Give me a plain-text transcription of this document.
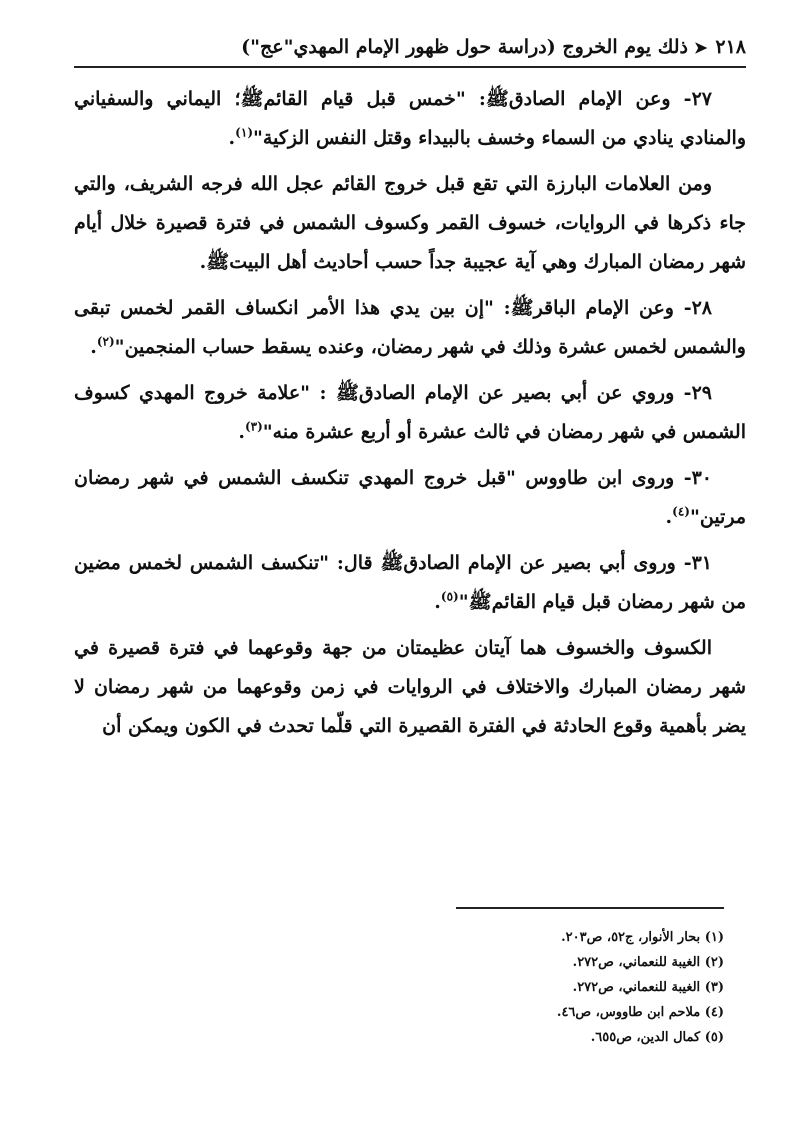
٢١٨
➤
ذلك يوم الخروج

(دراسة حول ظهور الإمام المهدي"عج")

٢٧- وعن الإمام الصادقﷺ: "خمس قبل قيام القائمﷺ؛ اليماني والسفياني والمنادي ينادي من السماء وخسف بالبيداء وقتل النفس الزكية"$^{(١)}$.

ومن العلامات البارزة التي تقع قبل خروج القائم عجل الله فرجه الشريف، والتي جاء ذكرها في الروايات، خسوف القمر وكسوف الشمس في فترة قصيرة خلال أيام شهر رمضان المبارك وهي آية عجيبة جداً حسب أحاديث أهل البيتﷺ.

٢٨- وعن الإمام الباقرﷺ: "إن بين يدي هذا الأمر انكساف القمر لخمس تبقى والشمس لخمس عشرة وذلك في شهر رمضان، وعنده يسقط حساب المنجمين"$^{(٢)}$.

٢٩- وروي عن أبي بصير عن الإمام الصادقﷺ : "علامة خروج المهدي كسوف الشمس في شهر رمضان في ثالث عشرة أو أربع عشرة منه"$^{(٣)}$.

٣٠- وروى ابن طاووس "قبل خروج المهدي تنكسف الشمس في شهر رمضان مرتين"$^{(٤)}$.

٣١- وروى أبي بصير عن الإمام الصادقﷺ قال: "تنكسف الشمس لخمس مضين من شهر رمضان قبل قيام القائمﷺ"$^{(٥)}$.

الكسوف والخسوف هما آيتان عظيمتان من جهة وقوعهما في فترة قصيرة في شهر رمضان المبارك والاختلاف في الروايات في زمن وقوعهما من شهر رمضان لا يضر بأهمية وقوع الحادثة في الفترة القصيرة التي قلّما تحدث في الكون ويمكن أن

(١) بحار الأنوار، ج٥٢، ص٢٠٣.
(٢) الغيبة للنعماني، ص٢٧٢.
(٣) الغيبة للنعماني، ص٢٧٢.
(٤) ملاحم ابن طاووس، ص٤٦.
(٥) كمال الدين، ص٦٥٥.
